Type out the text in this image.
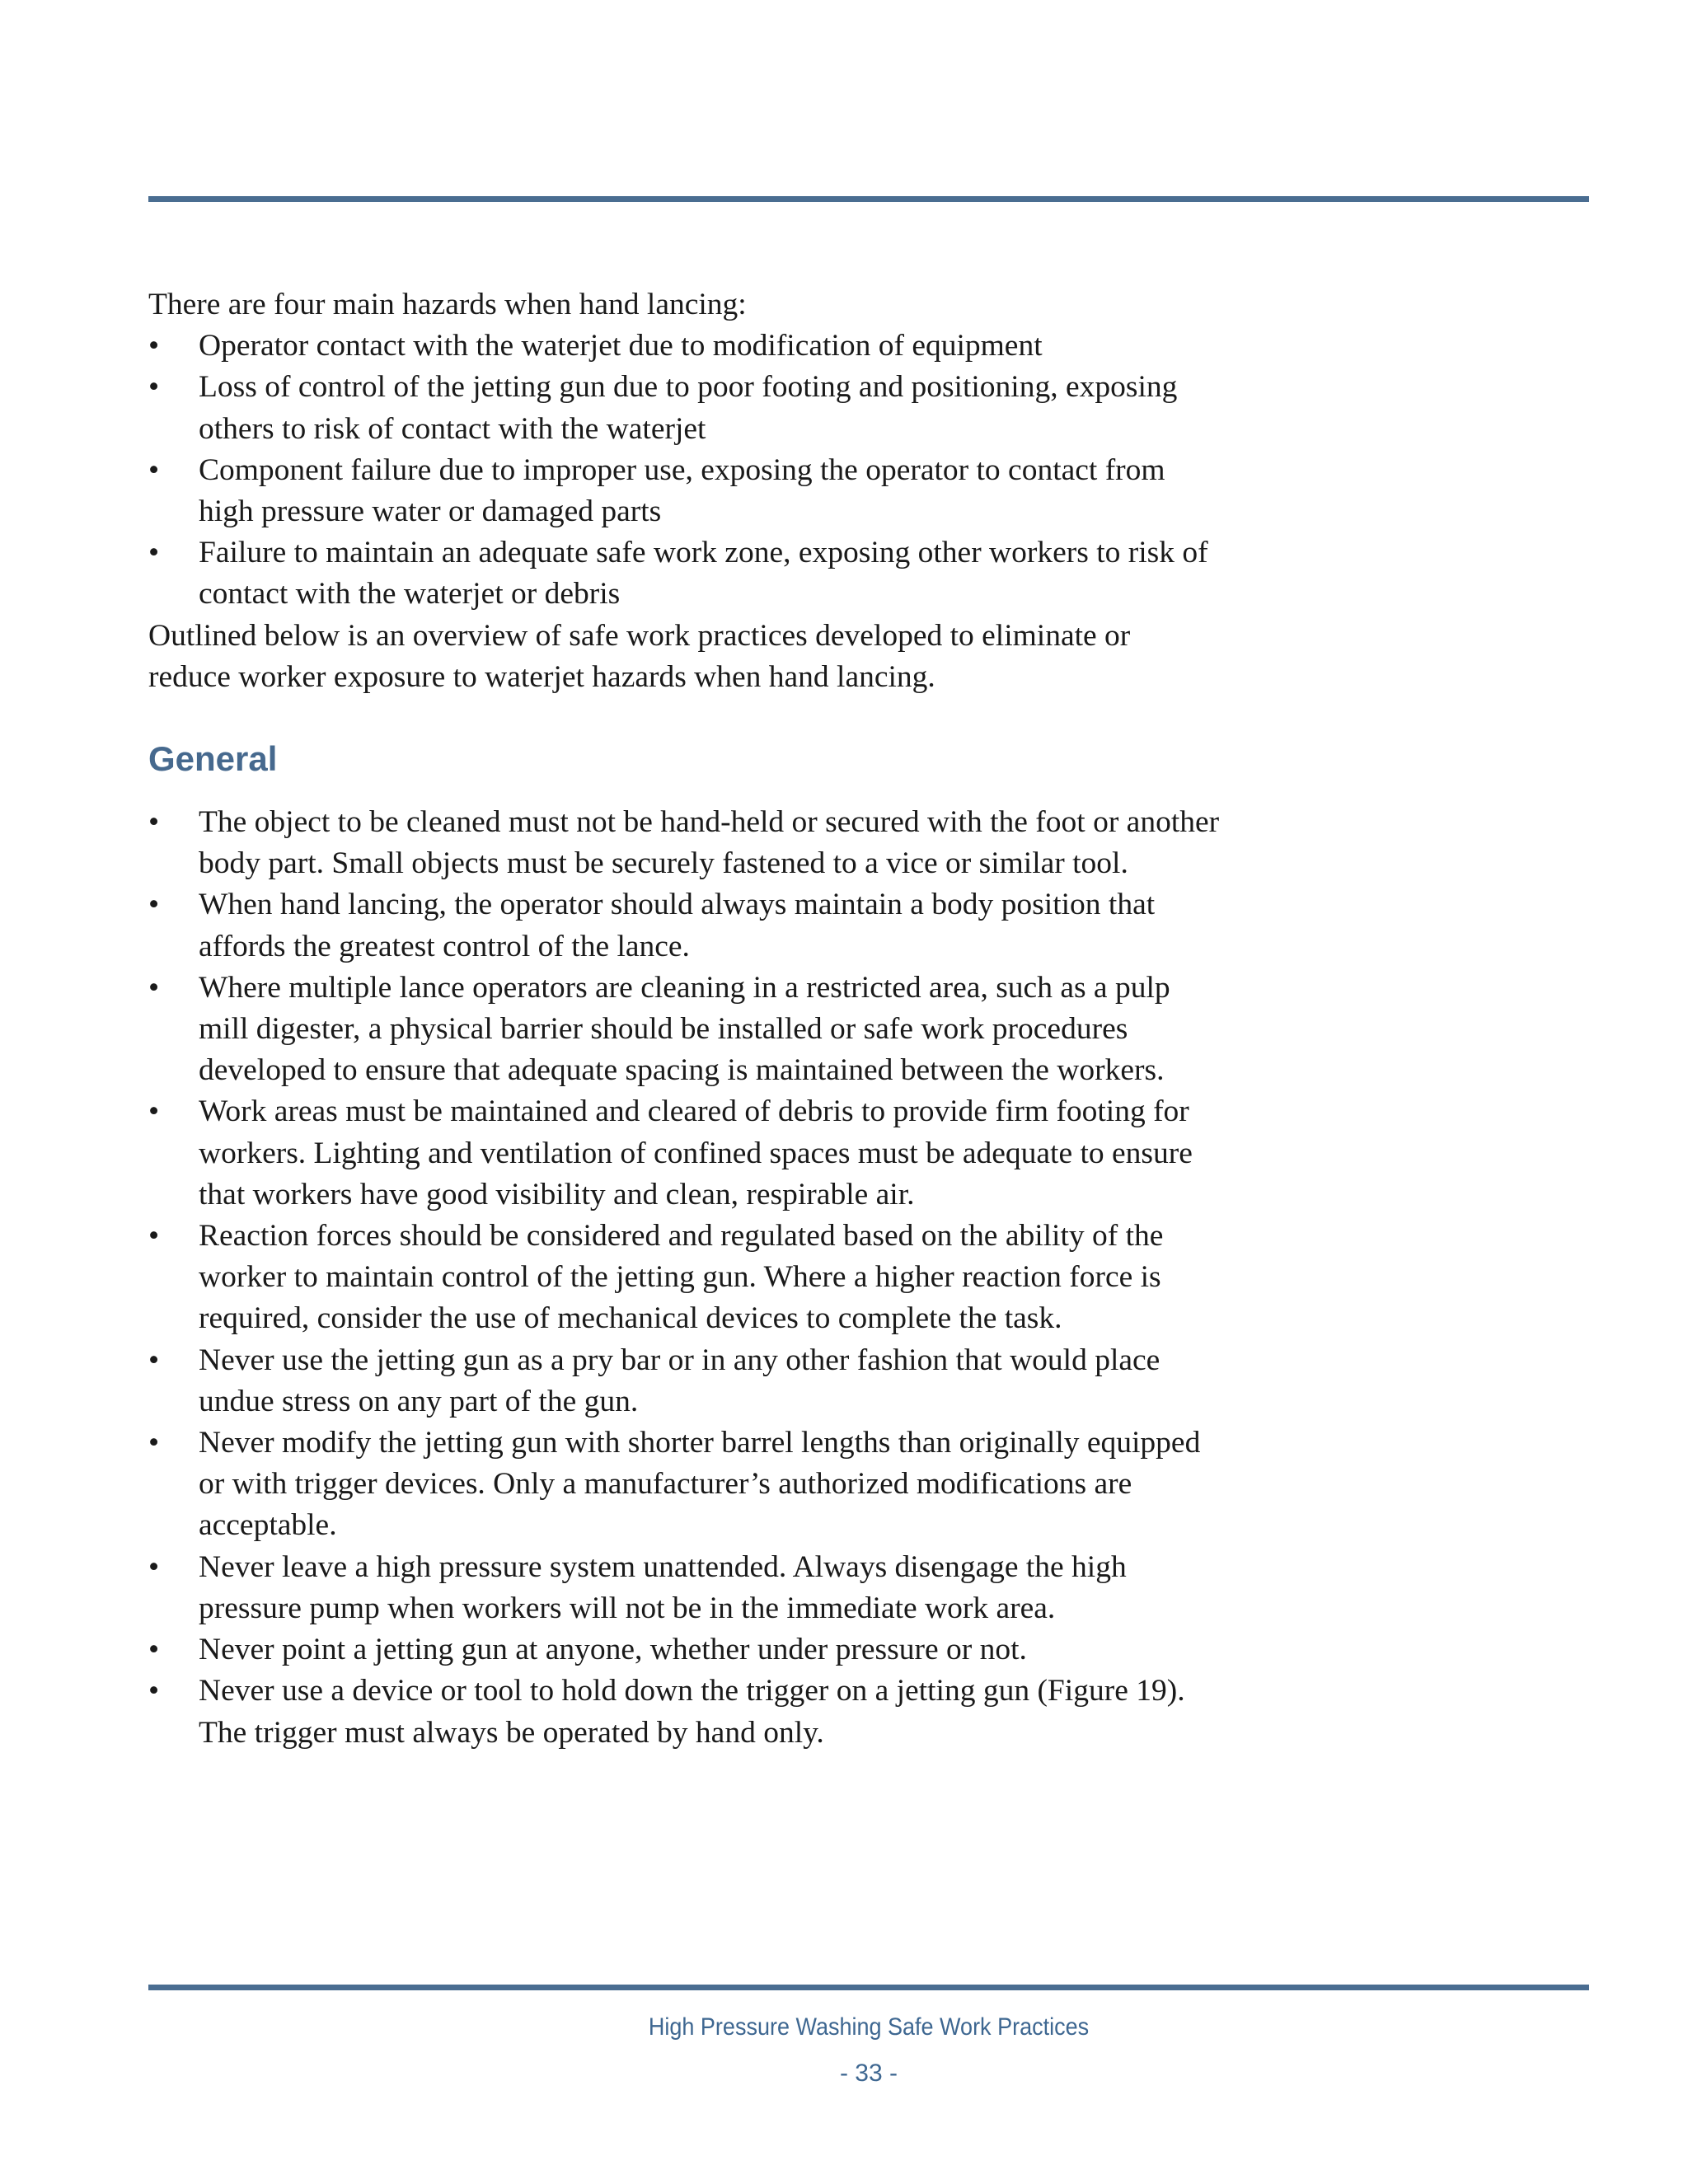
There are four main hazards when hand lancing:

• Operator contact with the waterjet due to modification of equipment
• Loss of control of the jetting gun due to poor footing and positioning, exposing others to risk of contact with the waterjet
• Component failure due to improper use, exposing the operator to contact from high pressure water or damaged parts
• Failure to maintain an adequate safe work zone, exposing other workers to risk of contact with the waterjet or debris

Outlined below is an overview of safe work practices developed to eliminate or reduce worker exposure to waterjet hazards when hand lancing.

General
• The object to be cleaned must not be hand-held or secured with the foot or another body part. Small objects must be securely fastened to a vice or similar tool.
• When hand lancing, the operator should always maintain a body position that affords the greatest control of the lance.
• Where multiple lance operators are cleaning in a restricted area, such as a pulp mill digester, a physical barrier should be installed or safe work procedures developed to ensure that adequate spacing is maintained between the workers.
• Work areas must be maintained and cleared of debris to provide firm footing for workers. Lighting and ventilation of confined spaces must be adequate to ensure that workers have good visibility and clean, respirable air.
• Reaction forces should be considered and regulated based on the ability of the worker to maintain control of the jetting gun. Where a higher reaction force is required, consider the use of mechanical devices to complete the task.
• Never use the jetting gun as a pry bar or in any other fashion that would place undue stress on any part of the gun.
• Never modify the jetting gun with shorter barrel lengths than originally equipped or with trigger devices. Only a manufacturer’s authorized modifications are acceptable.
• Never leave a high pressure system unattended. Always disengage the high pressure pump when workers will not be in the immediate work area.
• Never point a jetting gun at anyone, whether under pressure or not.
• Never use a device or tool to hold down the trigger on a jetting gun (Figure 19). The trigger must always be operated by hand only.
High Pressure Washing Safe Work Practices
- 33 -
